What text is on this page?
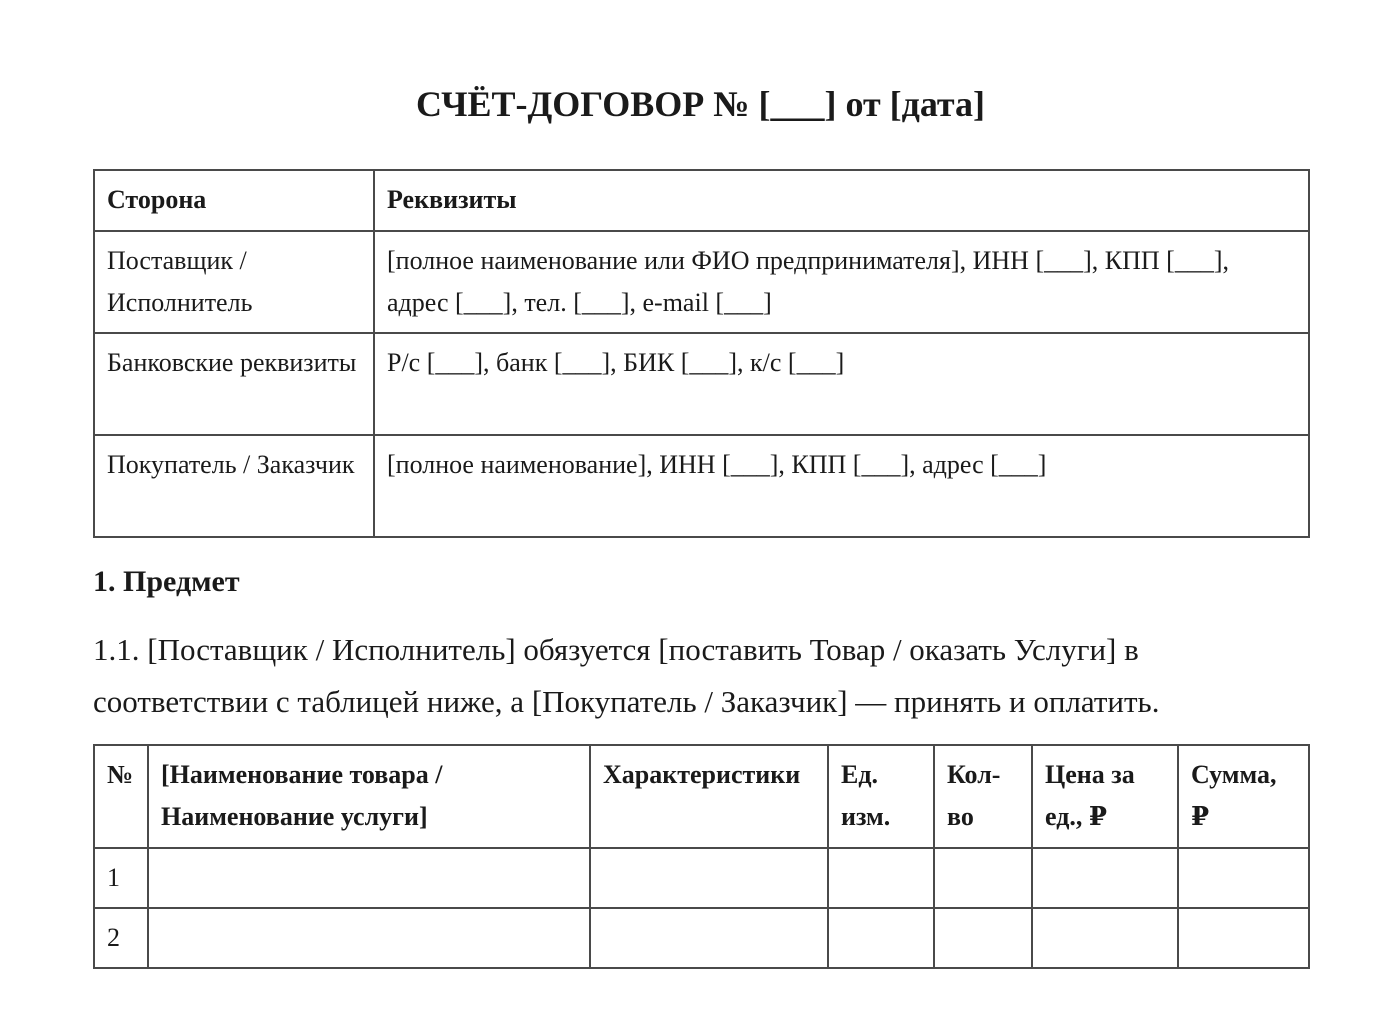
СЧЁТ-ДОГОВОР № [___] от [дата]
Сторона	Реквизиты
Поставщик / Исполнитель	[полное наименование или ФИО предпринимателя], ИНН [___], КПП [___], адрес [___], тел. [___], e-mail [___]
Банковские реквизиты	Р/с [___], банк [___], БИК [___], к/с [___]
Покупатель / Заказчик	[полное наименование], ИНН [___], КПП [___], адрес [___]
1. Предмет

1.1. [Поставщик / Исполнитель] обязуется [поставить Товар / оказать Услуги] в соответствии с таблицей ниже, а [Покупатель / Заказчик] — принять и оплатить.

№	[Наименование товара / Наименование услуги]	Характеристики	Ед. изм.	Кол-во	Цена за ед., ₽	Сумма, ₽
1						
2						
